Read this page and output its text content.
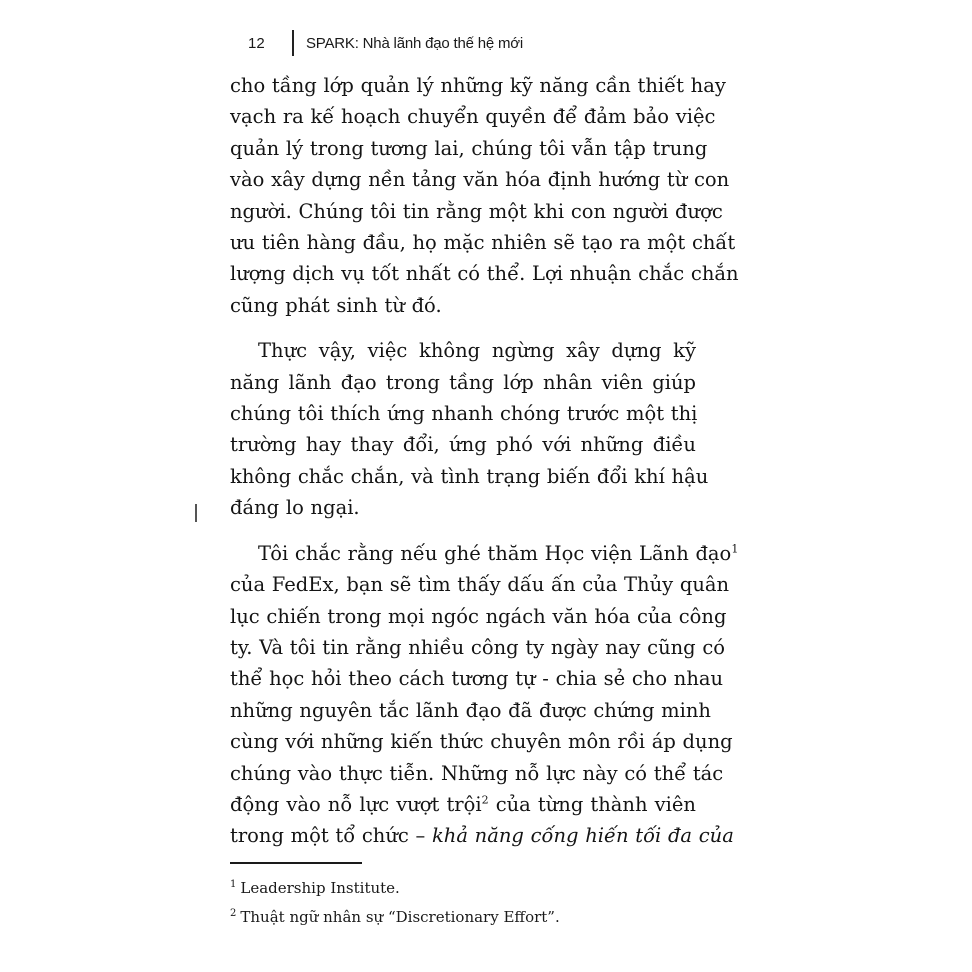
12	SPARK: Nhà lãnh đạo thế hệ mới

cho tầng lớp quản lý những kỹ năng cần thiết hay
vạch ra kế hoạch chuyển quyền để đảm bảo việc
quản lý trong tương lai, chúng tôi vẫn tập trung
vào xây dựng nền tảng văn hóa định hướng từ con
người. Chúng tôi tin rằng một khi con người được
ưu tiên hàng đầu, họ mặc nhiên sẽ tạo ra một chất
lượng dịch vụ tốt nhất có thể. Lợi nhuận chắc chắn
cũng phát sinh từ đó.

Thực vậy, việc không ngừng xây dựng kỹ
năng lãnh đạo trong tầng lớp nhân viên giúp
chúng tôi thích ứng nhanh chóng trước một thị
trường hay thay đổi, ứng phó với những điều
không chắc chắn, và tình trạng biến đổi khí hậu
đáng lo ngại.

Tôi chắc rằng nếu ghé thăm Học viện Lãnh đạo$^1$
của FedEx, bạn sẽ tìm thấy dấu ấn của Thủy quân
lục chiến trong mọi ngóc ngách văn hóa của công
ty. Và tôi tin rằng nhiều công ty ngày nay cũng có
thể học hỏi theo cách tương tự - chia sẻ cho nhau
những nguyên tắc lãnh đạo đã được chứng minh
cùng với những kiến thức chuyên môn rồi áp dụng
chúng vào thực tiễn. Những nỗ lực này có thể tác
động vào nỗ lực vượt trội$^2$ của từng thành viên
trong một tổ chức – khả năng cống hiến tối đa của

$^1$ Leadership Institute.
$^2$ Thuật ngữ nhân sự “Discretionary Effort”.
